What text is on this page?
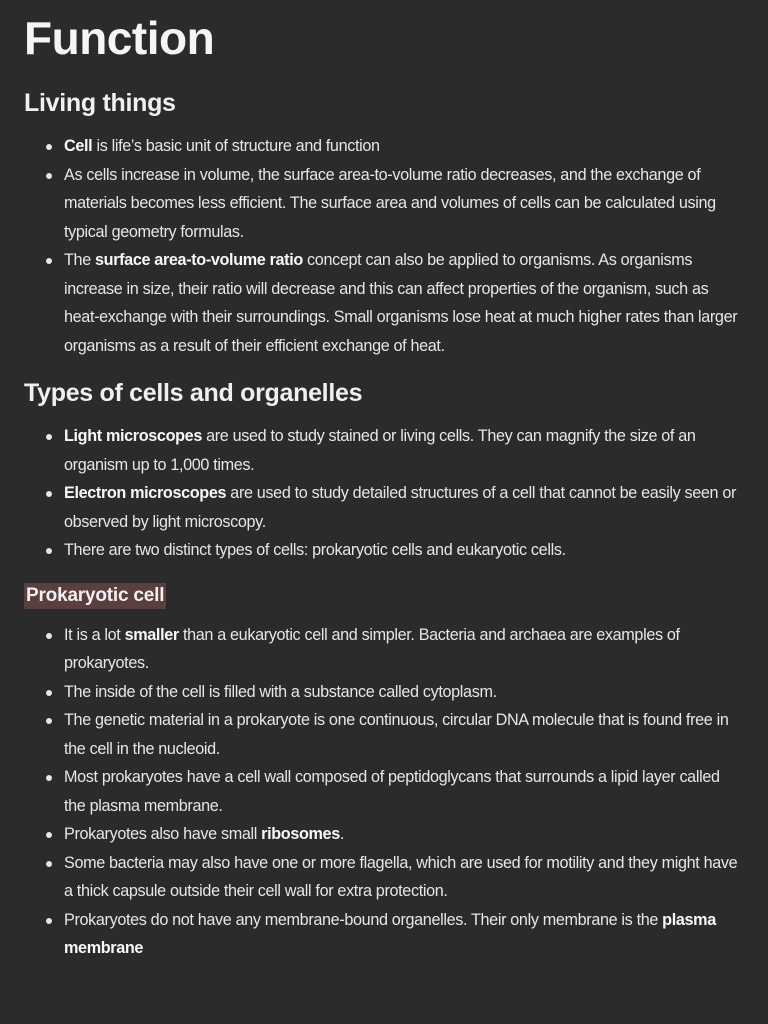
Function
Living things
Cell is life’s basic unit of structure and function
As cells increase in volume, the surface area-to-volume ratio decreases, and the exchange of materials becomes less efficient. The surface area and volumes of cells can be calculated using typical geometry formulas.
The surface area-to-volume ratio concept can also be applied to organisms. As organisms increase in size, their ratio will decrease and this can affect properties of the organism, such as heat-exchange with their surroundings. Small organisms lose heat at much higher rates than larger organisms as a result of their efficient exchange of heat.
Types of cells and organelles
Light microscopes are used to study stained or living cells. They can magnify the size of an organism up to 1,000 times.
Electron microscopes are used to study detailed structures of a cell that cannot be easily seen or observed by light microscopy.
There are two distinct types of cells: prokaryotic cells and eukaryotic cells.
Prokaryotic cell
It is a lot smaller than a eukaryotic cell and simpler. Bacteria and archaea are examples of prokaryotes.
The inside of the cell is filled with a substance called cytoplasm.
The genetic material in a prokaryote is one continuous, circular DNA molecule that is found free in the cell in the nucleoid.
Most prokaryotes have a cell wall composed of peptidoglycans that surrounds a lipid layer called the plasma membrane.
Prokaryotes also have small ribosomes.
Some bacteria may also have one or more flagella, which are used for motility and they might have a thick capsule outside their cell wall for extra protection.
Prokaryotes do not have any membrane-bound organelles. Their only membrane is the plasma membrane
